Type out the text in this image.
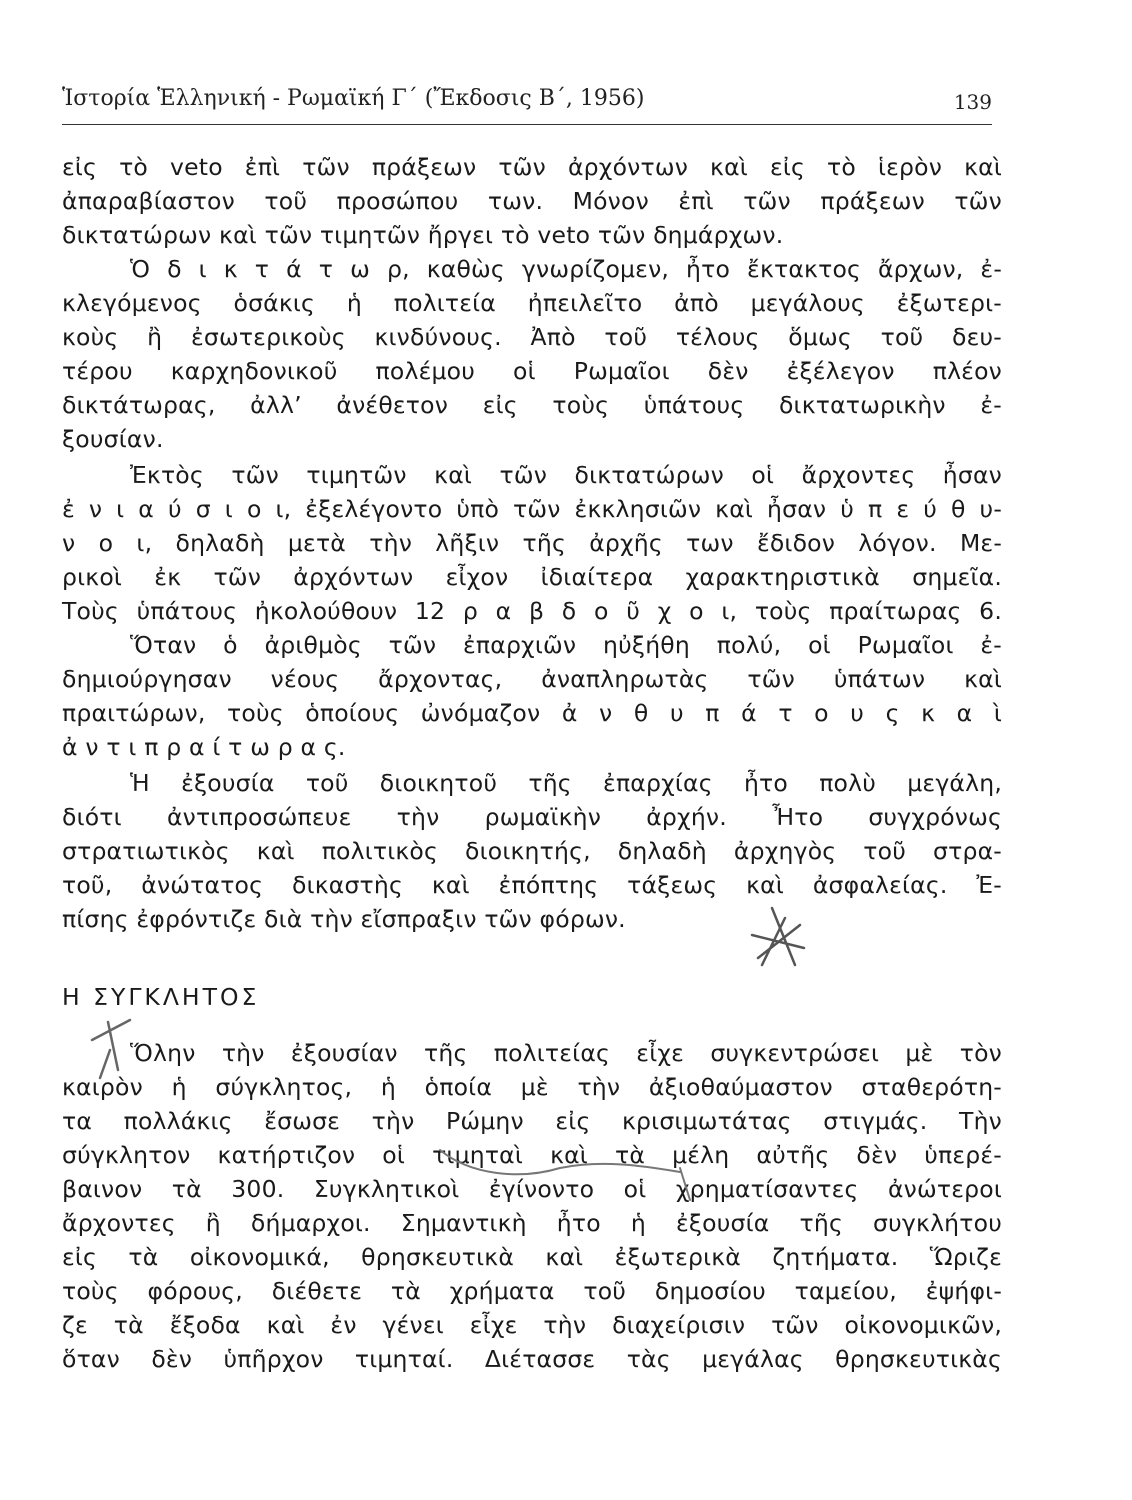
Ἱστορία Ἑλληνική - Ρωμαϊκή Γ΄ (Ἔκδοσις Β΄, 1956)	139
εἰς τὸ veto ἐπὶ τῶν πράξεων τῶν ἀρχόντων καὶ εἰς τὸ ἱερὸν καὶ
ἀπαραβίαστον τοῦ προσώπου των. Μόνον ἐπὶ τῶν πράξεων τῶν
δικτατώρων καὶ τῶν τιμητῶν ἤργει τὸ veto τῶν δημάρχων.
Ὁ δ ι κ τ ά τ ω ρ, καθὼς γνωρίζομεν, ἦτο ἔκτακτος ἄρχων, ἐ-
κλεγόμενος ὁσάκις ἡ πολιτεία ἠπειλεῖτο ἀπὸ μεγάλους ἐξωτερι-
κοὺς ἢ ἐσωτερικοὺς κινδύνους. Ἀπὸ τοῦ τέλους ὅμως τοῦ δευ-
τέρου καρχηδονικοῦ πολέμου οἱ Ρωμαῖοι δὲν ἐξέλεγον πλέον
δικτάτωρας, ἀλλ’ ἀνέθετον εἰς τοὺς ὑπάτους δικτατωρικὴν ἐ-
ξουσίαν.
Ἐκτὸς τῶν τιμητῶν καὶ τῶν δικτατώρων οἱ ἄρχοντες ἦσαν
ἐ ν ι α ύ σ ι ο ι, ἐξελέγοντο ὑπὸ τῶν ἐκκλησιῶν καὶ ἦσαν ὑ π ε ύ θ υ-
ν ο ι, δηλαδὴ μετὰ τὴν λῆξιν τῆς ἀρχῆς των ἔδιδον λόγον. Με-
ρικοὶ ἐκ τῶν ἀρχόντων εἶχον ἰδιαίτερα χαρακτηριστικὰ σημεῖα.
Τοὺς ὑπάτους ἠκολούθουν 12 ρ α β δ ο ῦ χ ο ι, τοὺς πραίτωρας 6.
Ὅταν ὁ ἀριθμὸς τῶν ἐπαρχιῶν ηὐξήθη πολύ, οἱ Ρωμαῖοι ἐ-
δημιούργησαν νέους ἄρχοντας, ἀναπληρωτὰς τῶν ὑπάτων καὶ
πραιτώρων, τοὺς ὁποίους ὠνόμαζον ἀ ν θ υ π ά τ ο υ ς κ α ὶ
ἀ ν τ ι π ρ α ί τ ω ρ α ς.
Ἡ ἐξουσία τοῦ διοικητοῦ τῆς ἐπαρχίας ἦτο πολὺ μεγάλη,
διότι ἀντιπροσώπευε τὴν ρωμαϊκὴν ἀρχήν. Ἦτο συγχρόνως
στρατιωτικὸς καὶ πολιτικὸς διοικητής, δηλαδὴ ἀρχηγὸς τοῦ στρα-
τοῦ, ἀνώτατος δικαστὴς καὶ ἐπόπτης τάξεως καὶ ἀσφαλείας. Ἐ-
πίσης ἐφρόντιζε διὰ τὴν εἴσπραξιν τῶν φόρων.
Η ΣΥΓΚΛΗΤΟΣ
Ὅλην τὴν ἐξουσίαν τῆς πολιτείας εἶχε συγκεντρώσει μὲ τὸν
καιρὸν ἡ σύγκλητος, ἡ ὁποία μὲ τὴν ἀξιοθαύμαστον σταθερότη-
τα πολλάκις ἔσωσε τὴν Ρώμην εἰς κρισιμωτάτας στιγμάς. Τὴν
σύγκλητον κατήρτιζον οἱ τιμηταὶ καὶ τὰ μέλη αὐτῆς δὲν ὑπερέ-
βαινον τὰ 300. Συγκλητικοὶ ἐγίνοντο οἱ χρηματίσαντες ἀνώτεροι
ἄρχοντες ἢ δήμαρχοι. Σημαντικὴ ἦτο ἡ ἐξουσία τῆς συγκλήτου
εἰς τὰ οἰκονομικά, θρησκευτικὰ καὶ ἐξωτερικὰ ζητήματα. Ὥριζε
τοὺς φόρους, διέθετε τὰ χρήματα τοῦ δημοσίου ταμείου, ἐψήφι-
ζε τὰ ἔξοδα καὶ ἐν γένει εἶχε τὴν διαχείρισιν τῶν οἰκονομικῶν,
ὅταν δὲν ὑπῆρχον τιμηταί. Διέτασσε τὰς μεγάλας θρησκευτικὰς
